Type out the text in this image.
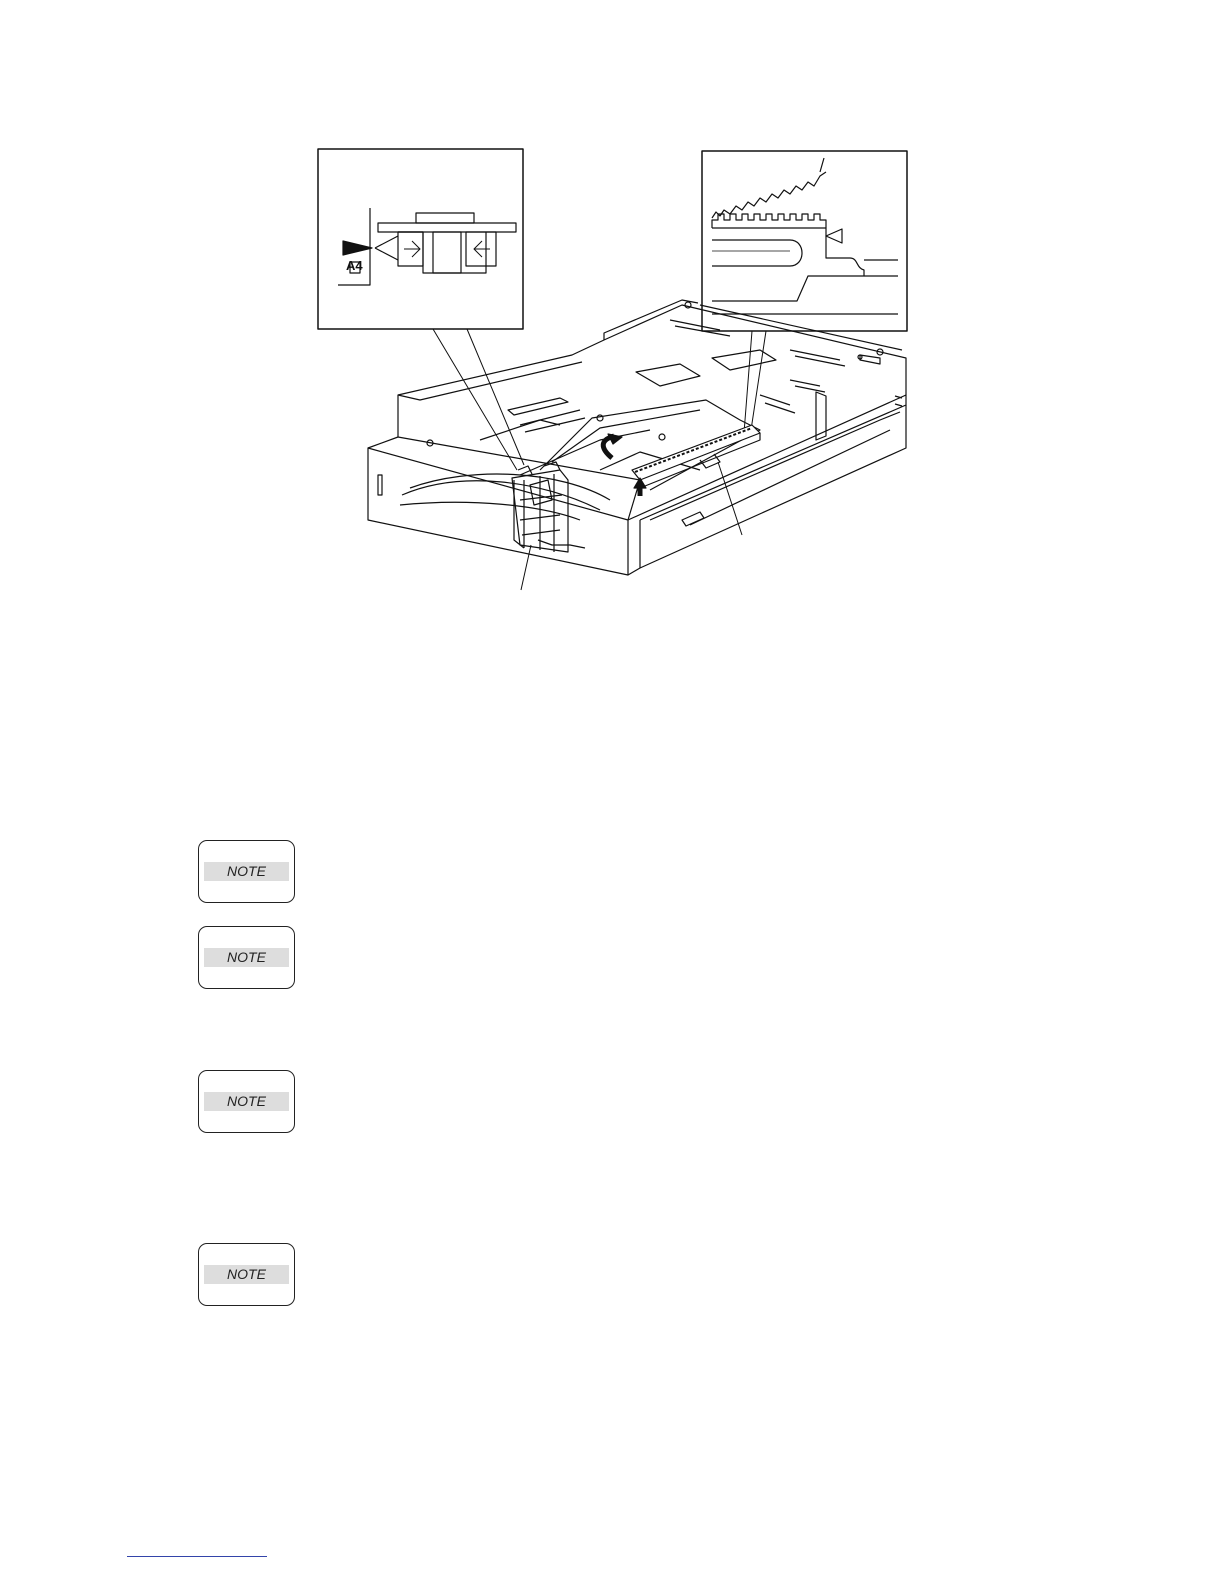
A4
NOTE
NOTE
NOTE
NOTE
